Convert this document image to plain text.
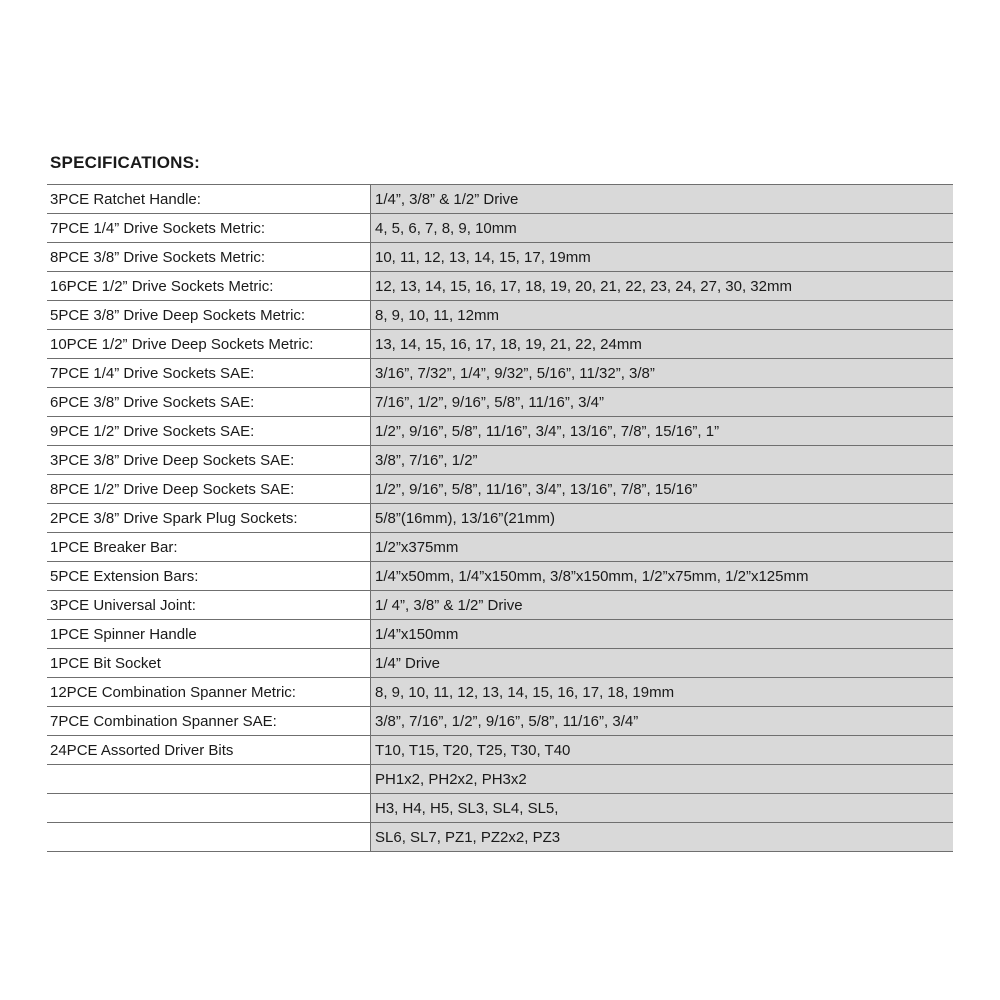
SPECIFICATIONS:
3PCE Ratchet Handle:	1/4”, 3/8” & 1/2” Drive
7PCE 1/4” Drive Sockets Metric:	4, 5, 6, 7, 8, 9, 10mm
8PCE 3/8” Drive Sockets Metric:	10, 11, 12, 13, 14, 15, 17, 19mm
16PCE 1/2” Drive Sockets Metric:	12, 13, 14, 15, 16, 17, 18, 19, 20, 21, 22, 23, 24, 27, 30, 32mm
5PCE 3/8” Drive Deep Sockets Metric:	8, 9, 10, 11, 12mm
10PCE 1/2” Drive Deep Sockets Metric:	13, 14, 15, 16, 17, 18, 19, 21, 22, 24mm
7PCE 1/4” Drive Sockets SAE:	3/16”, 7/32”, 1/4”, 9/32”, 5/16”, 11/32”, 3/8”
6PCE 3/8” Drive Sockets SAE:	7/16”, 1/2”, 9/16”, 5/8”, 11/16”, 3/4”
9PCE 1/2” Drive Sockets SAE:	1/2”, 9/16”, 5/8”, 11/16”, 3/4”, 13/16”, 7/8”, 15/16”, 1”
3PCE 3/8” Drive Deep Sockets SAE:	3/8”, 7/16”, 1/2”
8PCE 1/2” Drive Deep Sockets SAE:	1/2”, 9/16”, 5/8”, 11/16”, 3/4”, 13/16”, 7/8”, 15/16”
2PCE 3/8” Drive Spark Plug Sockets:	5/8”(16mm), 13/16”(21mm)
1PCE Breaker Bar:	1/2”x375mm
5PCE Extension Bars:	1/4”x50mm, 1/4”x150mm, 3/8”x150mm, 1/2”x75mm, 1/2”x125mm
3PCE Universal Joint:	1/ 4”, 3/8” & 1/2” Drive
1PCE Spinner Handle	1/4”x150mm
1PCE Bit Socket	1/4” Drive
12PCE Combination Spanner Metric:	8, 9, 10, 11, 12, 13, 14, 15, 16, 17, 18, 19mm
7PCE Combination Spanner SAE:	3/8”, 7/16”, 1/2”, 9/16”, 5/8”, 11/16”, 3/4”
24PCE Assorted Driver Bits	T10, T15, T20, T25, T30, T40
	PH1x2, PH2x2, PH3x2
	H3, H4, H5, SL3, SL4, SL5,
	SL6, SL7, PZ1, PZ2x2, PZ3
